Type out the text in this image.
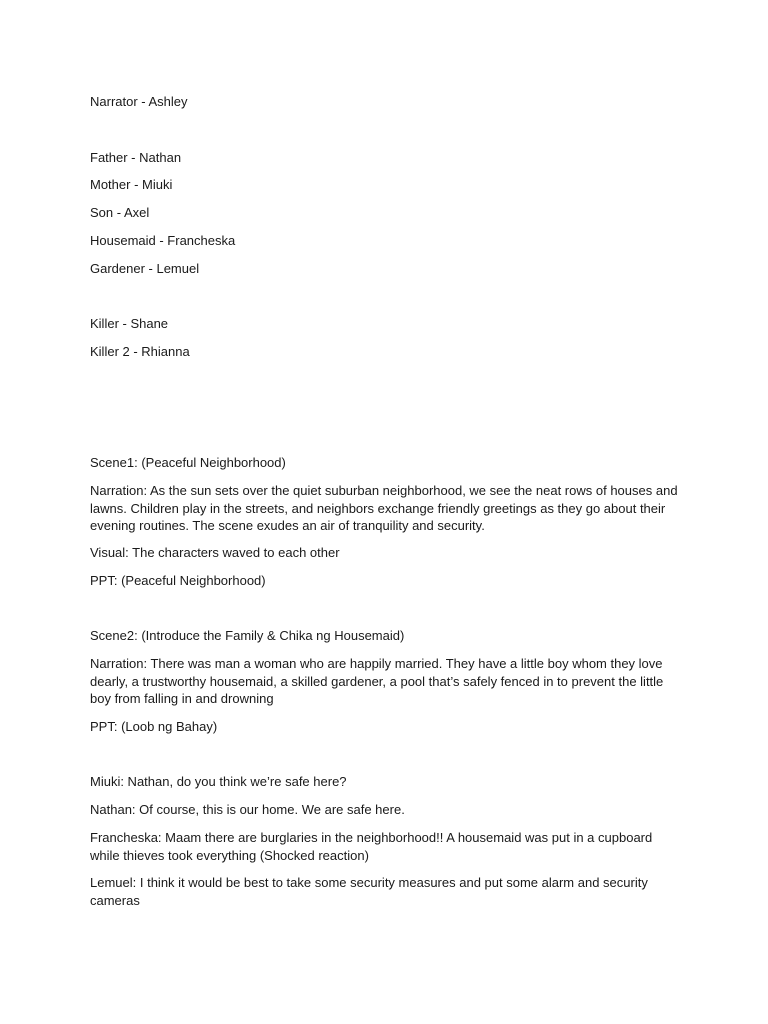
Narrator - Ashley

Father - Nathan

Mother - Miuki

Son - Axel

Housemaid - Francheska

Gardener - Lemuel

Killer - Shane

Killer 2 - Rhianna

Scene1: (Peaceful Neighborhood)

Narration: As the sun sets over the quiet suburban neighborhood, we see the neat rows of houses and lawns. Children play in the streets, and neighbors exchange friendly greetings as they go about their evening routines. The scene exudes an air of tranquility and security.

Visual: The characters waved to each other

PPT: (Peaceful Neighborhood)

Scene2: (Introduce the Family & Chika ng Housemaid)

Narration: There was man a woman who are happily married. They have a little boy whom they love dearly, a trustworthy housemaid, a skilled gardener, a pool that’s safely fenced in to prevent the little boy from falling in and drowning

PPT: (Loob ng Bahay)

Miuki: Nathan, do you think we’re safe here?

Nathan: Of course, this is our home. We are safe here.

Francheska: Maam there are burglaries in the neighborhood!! A housemaid was put in a cupboard while thieves took everything (Shocked reaction)

Lemuel: I think it would be best to take some security measures and put some alarm and security cameras
